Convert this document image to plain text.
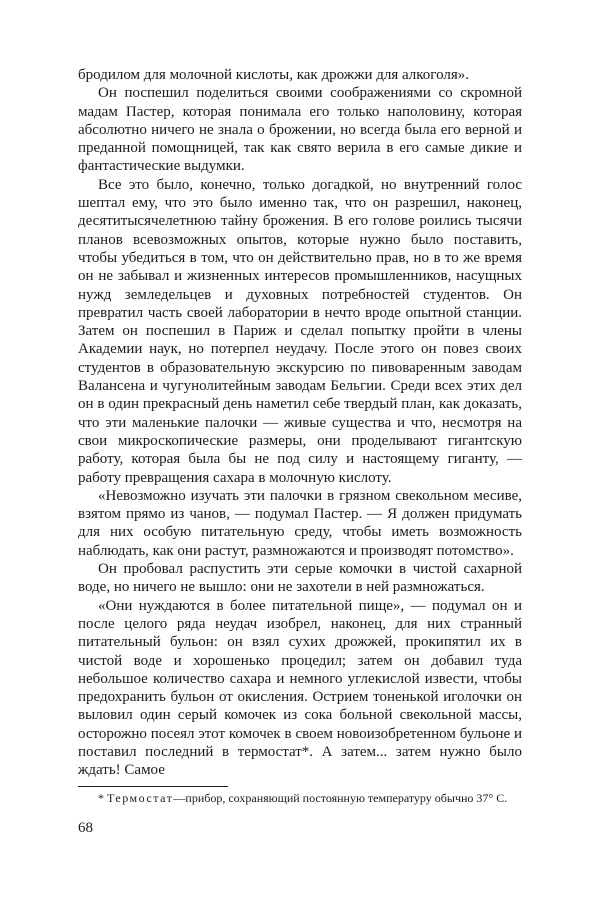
бродилом для молочной кислоты, как дрожжи для алкоголя».

Он поспешил поделиться своими соображениями со скромной мадам Пастер, которая понимала его только наполовину, которая абсолютно ничего не знала о брожении, но всегда была его верной и преданной помощницей, так как свято верила в его самые дикие и фантастические выдумки.

Все это было, конечно, только догадкой, но внутренний голос шептал ему, что это было именно так, что он разрешил, наконец, десятитысячелетнюю тайну брожения. В его голове роились тысячи планов всевозможных опытов, которые нужно было поставить, чтобы убедиться в том, что он действительно прав, но в то же время он не забывал и жизненных интересов промышленников, насущных нужд земледельцев и духовных потребностей студентов. Он превратил часть своей лаборатории в нечто вроде опытной станции. Затем он поспешил в Париж и сделал попытку пройти в члены Академии наук, но потерпел неудачу. После этого он повез своих студентов в образовательную экскурсию по пивоваренным заводам Валансена и чугунолитейным заводам Бельгии. Среди всех этих дел он в один прекрасный день наметил себе твердый план, как доказать, что эти маленькие палочки — живые существа и что, несмотря на свои микроскопические размеры, они проделывают гигантскую работу, которая была бы не под силу и настоящему гиганту, — работу превращения сахара в молочную кислоту.

«Невозможно изучать эти палочки в грязном свекольном месиве, взятом прямо из чанов, — подумал Пастер. — Я должен придумать для них особую питательную среду, чтобы иметь возможность наблюдать, как они растут, размножаются и производят потомство».

Он пробовал распустить эти серые комочки в чистой сахарной воде, но ничего не вышло: они не захотели в ней размножаться.

«Они нуждаются в более питательной пище», — подумал он и после целого ряда неудач изобрел, наконец, для них странный питательный бульон: он взял сухих дрожжей, прокипятил их в чистой воде и хорошенько процедил; затем он добавил туда небольшое количество сахара и немного углекислой извести, чтобы предохранить бульон от окисления. Острием тоненькой иголочки он выловил один серый комочек из сока больной свекольной массы, осторожно посеял этот комочек в своем новоизобретенном бульоне и поставил последний в термостат*. А затем... затем нужно было ждать! Самое

* Термостат—прибор, сохраняющий постоянную температуру обычно 37° С.

68
